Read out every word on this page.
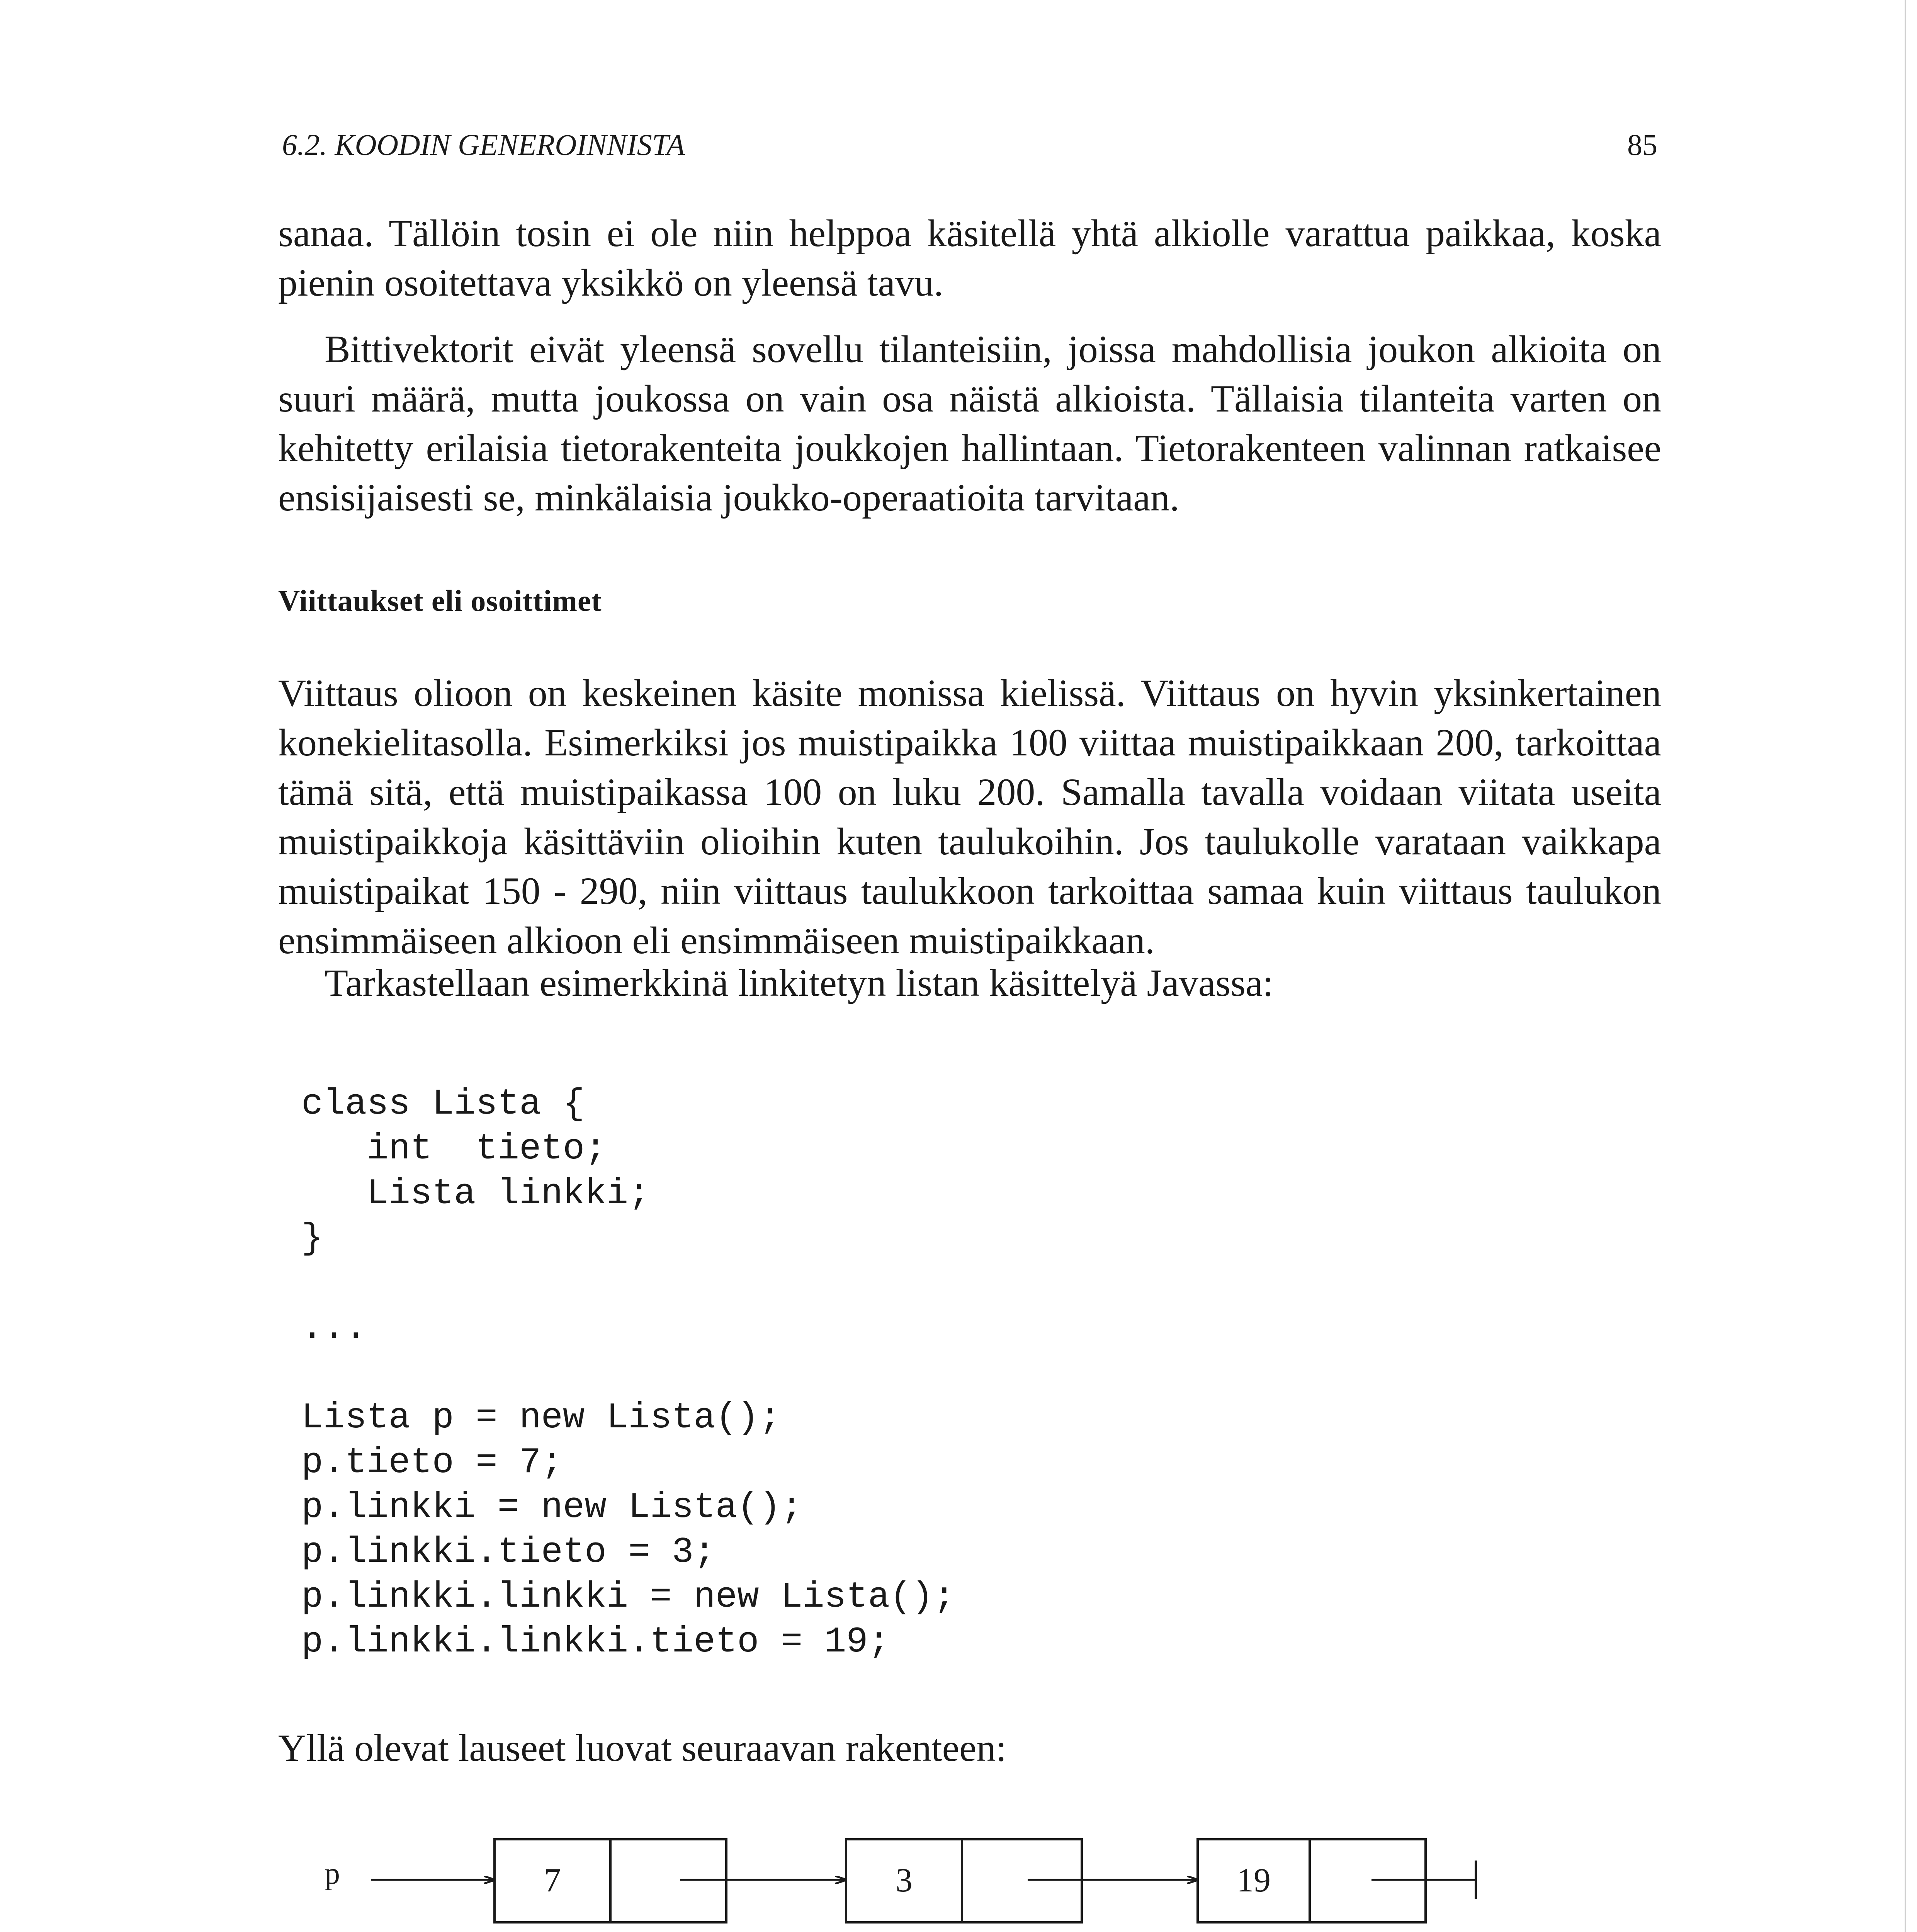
6.2. KOODIN GENEROINNISTA	85

sanaa. Tällöin tosin ei ole niin helppoa käsitellä yhtä alkiolle varattua paikkaa, koska pienin osoitettava yksikkö on yleensä tavu.

Bittivektorit eivät yleensä sovellu tilanteisiin, joissa mahdollisia joukon alkioita on suuri määrä, mutta joukossa on vain osa näistä alkioista. Tällaisia tilanteita varten on kehitetty erilaisia tietorakenteita joukkojen hallintaan. Tietorakenteen valinnan ratkaisee ensisijaisesti se, minkälaisia joukko-operaatioita tarvitaan.

Viittaukset eli osoittimet

Viittaus olioon on keskeinen käsite monissa kielissä. Viittaus on hyvin yksinkertainen konekielitasolla. Esimerkiksi jos muistipaikka 100 viittaa muistipaikkaan 200, tarkoittaa tämä sitä, että muistipaikassa 100 on luku 200. Samalla tavalla voidaan viitata useita muistipaikkoja käsittäviin olioihin kuten taulukoihin. Jos taulukolle varataan vaikkapa muistipaikat 150 - 290, niin viittaus taulukkoon tarkoittaa samaa kuin viittaus taulukon ensimmäiseen alkioon eli ensimmäiseen muistipaikkaan.

Tarkastellaan esimerkkinä linkitetyn listan käsittelyä Javassa:

class Lista {
int  tieto;
Lista linkki;
}
...
Lista p = new Lista();
p.tieto = 7;
p.linkki = new Lista();
p.linkki.tieto = 3;
p.linkki.linkki = new Lista();
p.linkki.linkki.tieto = 19;

Yllä olevat lauseet luovat seuraavan rakenteen:

p	7	3	19
